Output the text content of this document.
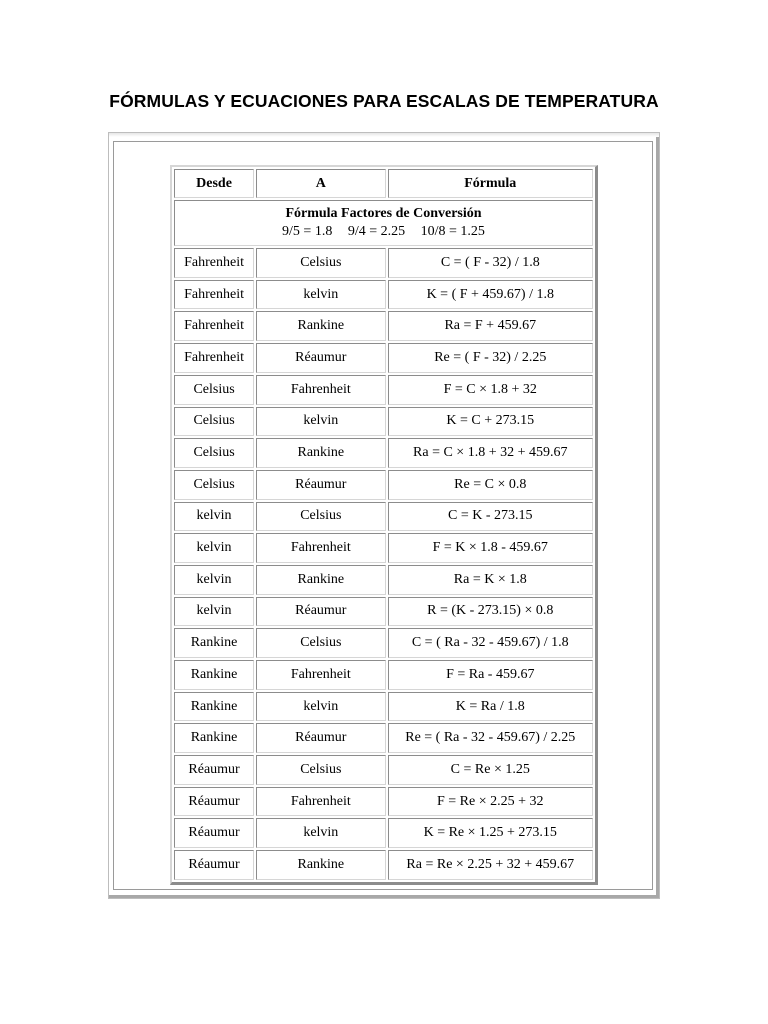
FÓRMULAS Y ECUACIONES PARA ESCALAS DE TEMPERATURA
Desde	A	Fórmula

Fórmula Factores de Conversión
9/5 = 1.8 9/4 = 2.25 10/8 = 1.25		

Fahrenheit	Celsius	C = ( F - 32) / 1.8
Fahrenheit	kelvin	K = ( F + 459.67) / 1.8
Fahrenheit	Rankine	Ra = F + 459.67
Fahrenheit	Réaumur	Re = ( F - 32) / 2.25
Celsius	Fahrenheit	F = C × 1.8 + 32
Celsius	kelvin	K = C + 273.15
Celsius	Rankine	Ra = C × 1.8 + 32 + 459.67
Celsius	Réaumur	Re = C × 0.8
kelvin	Celsius	C = K - 273.15
kelvin	Fahrenheit	F = K × 1.8 - 459.67
kelvin	Rankine	Ra = K × 1.8
kelvin	Réaumur	R = (K - 273.15) × 0.8
Rankine	Celsius	C = ( Ra - 32 - 459.67) / 1.8
Rankine	Fahrenheit	F = Ra - 459.67
Rankine	kelvin	K = Ra / 1.8
Rankine	Réaumur	Re = ( Ra - 32 - 459.67) / 2.25
Réaumur	Celsius	C = Re × 1.25
Réaumur	Fahrenheit	F = Re × 2.25 + 32
Réaumur	kelvin	K = Re × 1.25 + 273.15
Réaumur	Rankine	Ra = Re × 2.25 + 32 + 459.67
